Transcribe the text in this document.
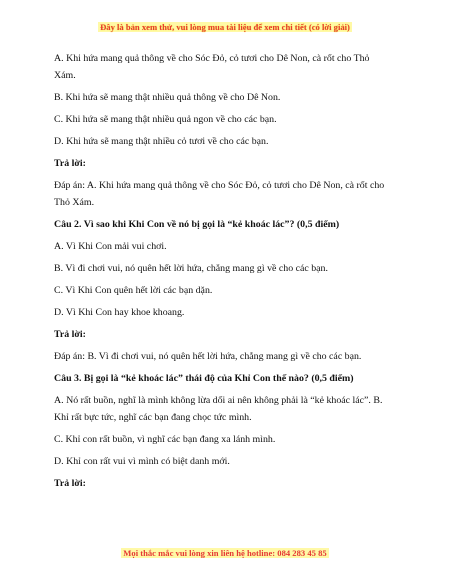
Đây là bản xem thử, vui lòng mua tài liệu để xem chi tiết (có lời giải)

A. Khi hứa mang quả thông về cho Sóc Đỏ, cỏ tươi cho Dê Non, cà rốt cho Thỏ Xám.

B. Khi hứa sẽ mang thật nhiều quả thông về cho Dê Non.

C. Khi hứa sẽ mang thật nhiều quả ngon về cho các bạn.

D. Khi hứa sẽ mang thật nhiều cỏ tươi về cho các bạn.

Trả lời:

Đáp án: A. Khi hứa mang quả thông về cho Sóc Đỏ, cỏ tươi cho Dê Non, cà rốt cho Thỏ Xám.

Câu 2. Vì sao khi Khi Con về nó bị gọi là “kẻ khoác lác”? (0,5 điểm)

A. Vì Khi Con mải vui chơi.

B. Vì đi chơi vui, nó quên hết lời hứa, chẳng mang gì về cho các bạn.

C. Vì Khi Con quên hết lời các bạn dặn.

D. Vì Khi Con hay khoe khoang.

Trả lời:

Đáp án: B. Vì đi chơi vui, nó quên hết lời hứa, chẳng mang gì về cho các bạn.

Câu 3. Bị gọi là “kẻ khoác lác” thái độ của Khỉ Con thế nào? (0,5 điểm)

A. Nó rất buồn, nghĩ là mình không lừa dối ai nên không phải là “kẻ khoác lác”. B. Khỉ rất bực tức, nghĩ các bạn đang chọc tức mình.

C. Khỉ con rất buồn, vì nghĩ các bạn đang xa lánh mình.

D. Khỉ con rất vui vì mình có biệt danh mới.

Trả lời:

Mọi thắc mắc vui lòng xin liên hệ hotline: 084 283 45 85
